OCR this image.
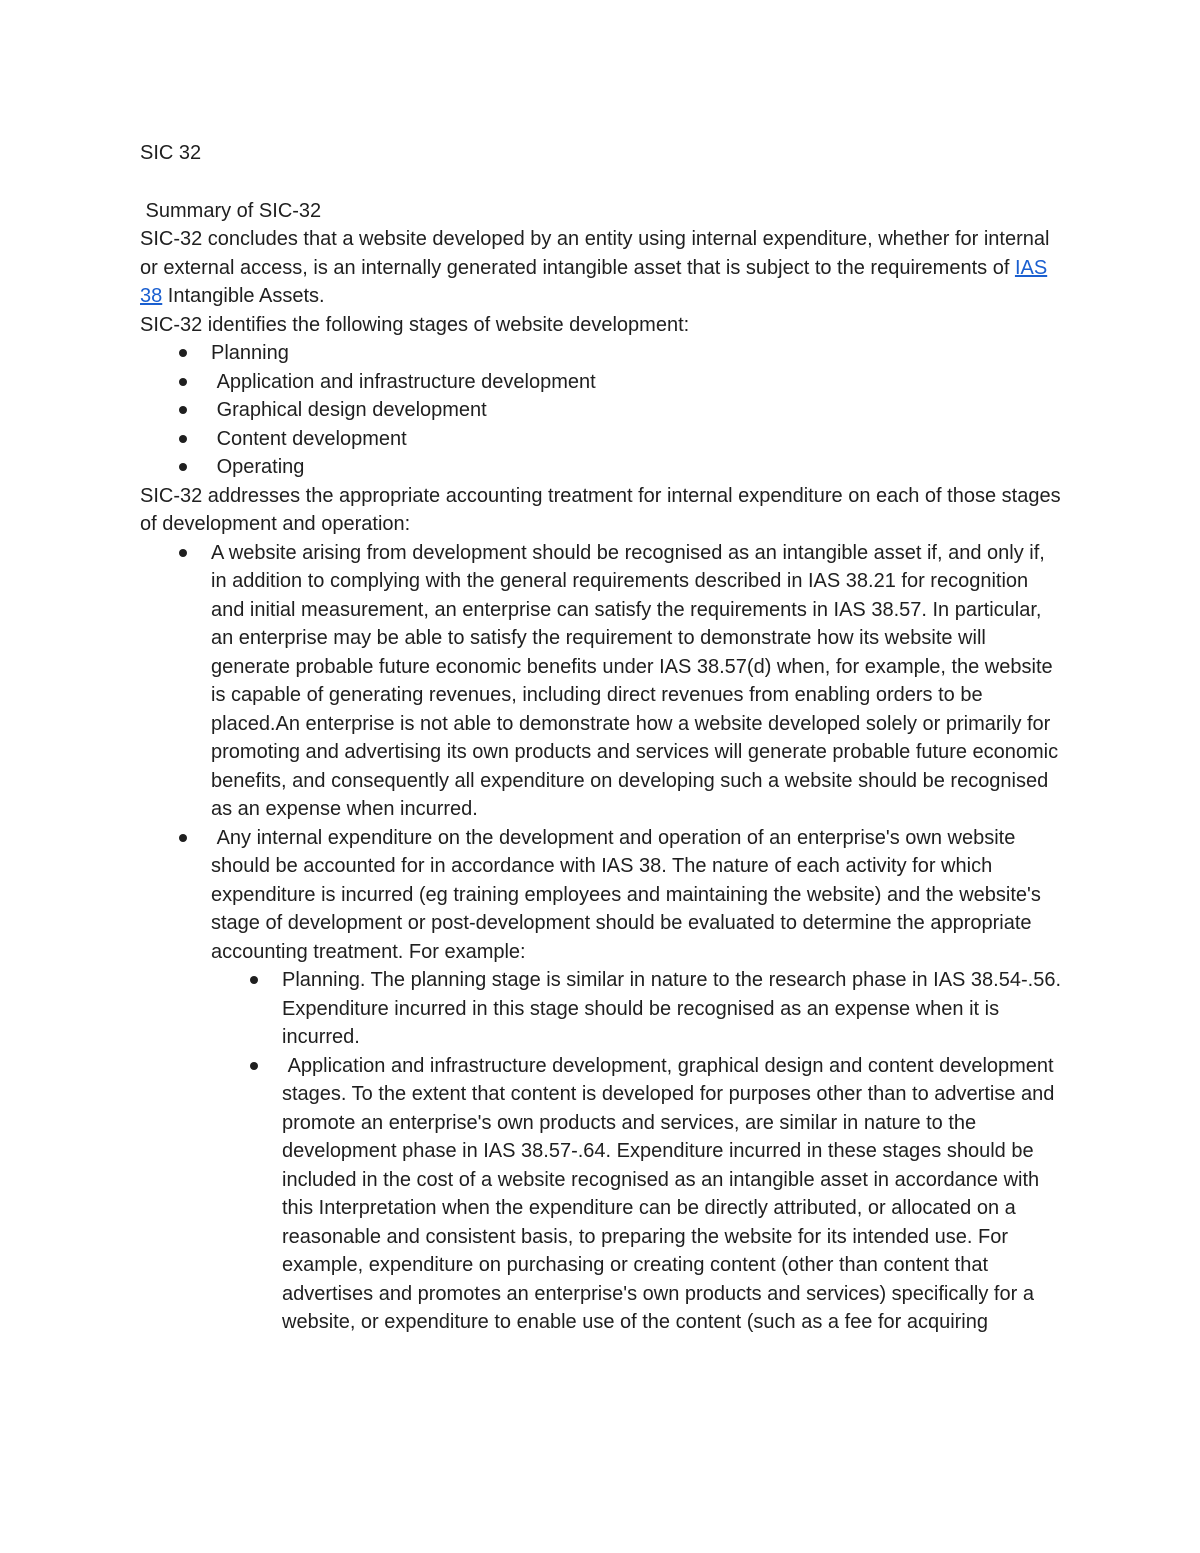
SIC 32

Summary of SIC-32

SIC-32 concludes that a website developed by an entity using internal expenditure, whether for internal or external access, is an internally generated intangible asset that is subject to the requirements of IAS 38 Intangible Assets.

SIC-32 identifies the following stages of website development:

Planning
Application and infrastructure development
Graphical design development
Content development
Operating

SIC-32 addresses the appropriate accounting treatment for internal expenditure on each of those stages of development and operation:

A website arising from development should be recognised as an intangible asset if, and only if, in addition to complying with the general requirements described in IAS 38.21 for recognition and initial measurement, an enterprise can satisfy the requirements in IAS 38.57. In particular, an enterprise may be able to satisfy the requirement to demonstrate how its website will generate probable future economic benefits under IAS 38.57(d) when, for example, the website is capable of generating revenues, including direct revenues from enabling orders to be placed.An enterprise is not able to demonstrate how a website developed solely or primarily for promoting and advertising its own products and services will generate probable future economic benefits, and consequently all expenditure on developing such a website should be recognised as an expense when incurred.
Any internal expenditure on the development and operation of an enterprise's own website should be accounted for in accordance with IAS 38. The nature of each activity for which expenditure is incurred (eg training employees and maintaining the website) and the website's stage of development or post-development should be evaluated to determine the appropriate accounting treatment. For example:
Planning. The planning stage is similar in nature to the research phase in IAS 38.54-.56. Expenditure incurred in this stage should be recognised as an expense when it is incurred.
Application and infrastructure development, graphical design and content development stages. To the extent that content is developed for purposes other than to advertise and promote an enterprise's own products and services, are similar in nature to the development phase in IAS 38.57-.64. Expenditure incurred in these stages should be included in the cost of a website recognised as an intangible asset in accordance with this Interpretation when the expenditure can be directly attributed, or allocated on a reasonable and consistent basis, to preparing the website for its intended use. For example, expenditure on purchasing or creating content (other than content that advertises and promotes an enterprise's own products and services) specifically for a website, or expenditure to enable use of the content (such as a fee for acquiring
